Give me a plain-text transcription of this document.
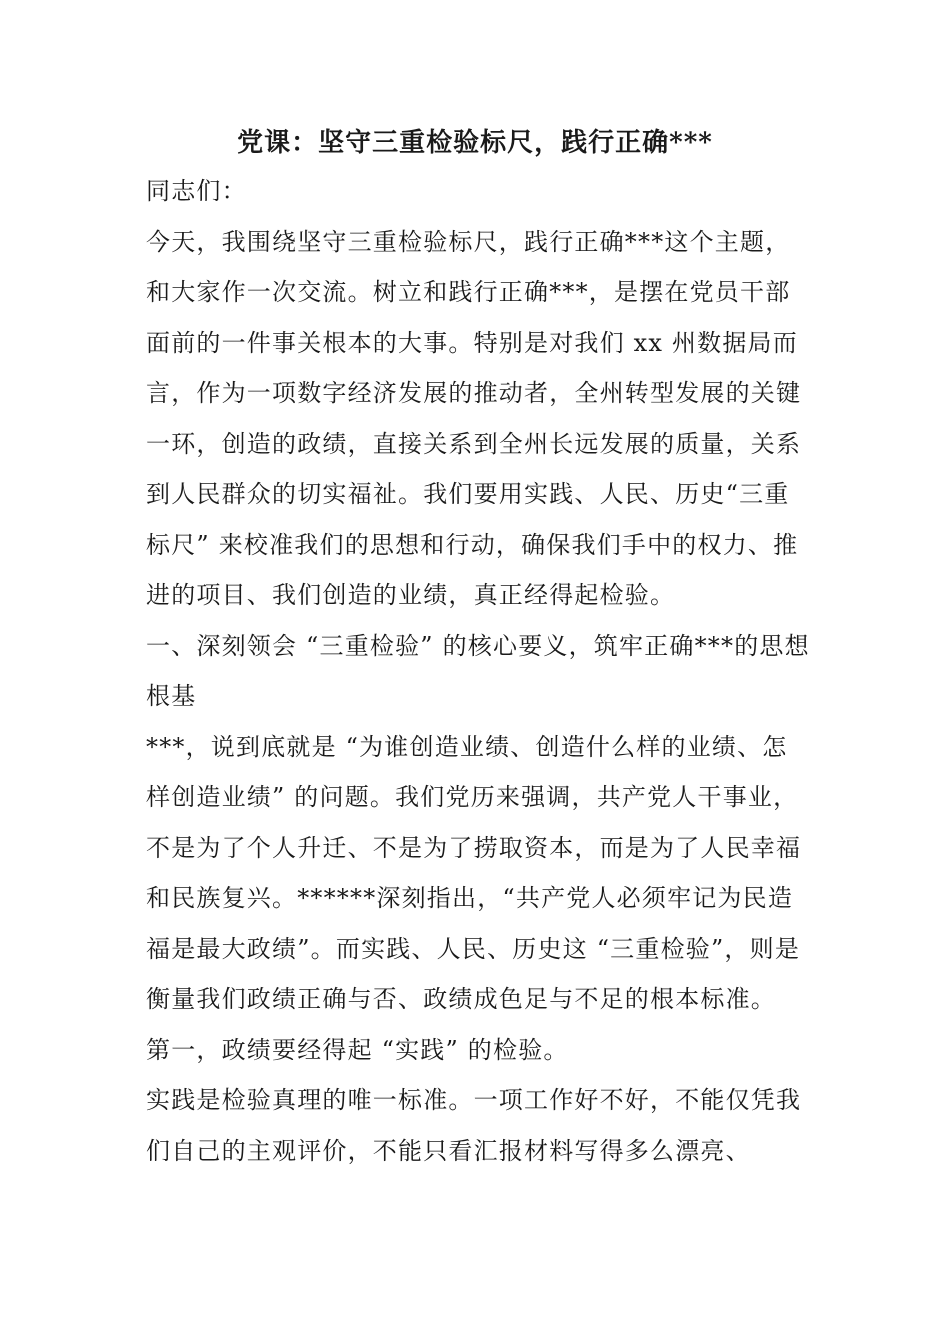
党课：坚守三重检验标尺，践行正确***

同志们：

今天，我围绕坚守三重检验标尺，践行正确***这个主题，和大家作一次交流。树立和践行正确***，是摆在党员干部面前的一件事关根本的大事。特别是对我们 xx 州数据局而言，作为一项数字经济发展的推动者，全州转型发展的关键一环，创造的政绩，直接关系到全州长远发展的质量，关系到人民群众的切实福祉。我们要用实践、人民、历史“三重标尺” 来校准我们的思想和行动，确保我们手中的权力、推进的项目、我们创造的业绩，真正经得起检验。

一、深刻领会 “三重检验” 的核心要义，筑牢正确***的思想根基

***，说到底就是 “为谁创造业绩、创造什么样的业绩、怎样创造业绩” 的问题。我们党历来强调，共产党人干事业，不是为了个人升迁、不是为了捞取资本，而是为了人民幸福和民族复兴。******深刻指出，“共产党人必须牢记为民造福是最大政绩”。而实践、人民、历史这 “三重检验”，则是衡量我们政绩正确与否、政绩成色足与不足的根本标准。

第一，政绩要经得起 “实践” 的检验。

实践是检验真理的唯一标准。一项工作好不好，不能仅凭我们自己的主观评价，不能只看汇报材料写得多么漂亮、
